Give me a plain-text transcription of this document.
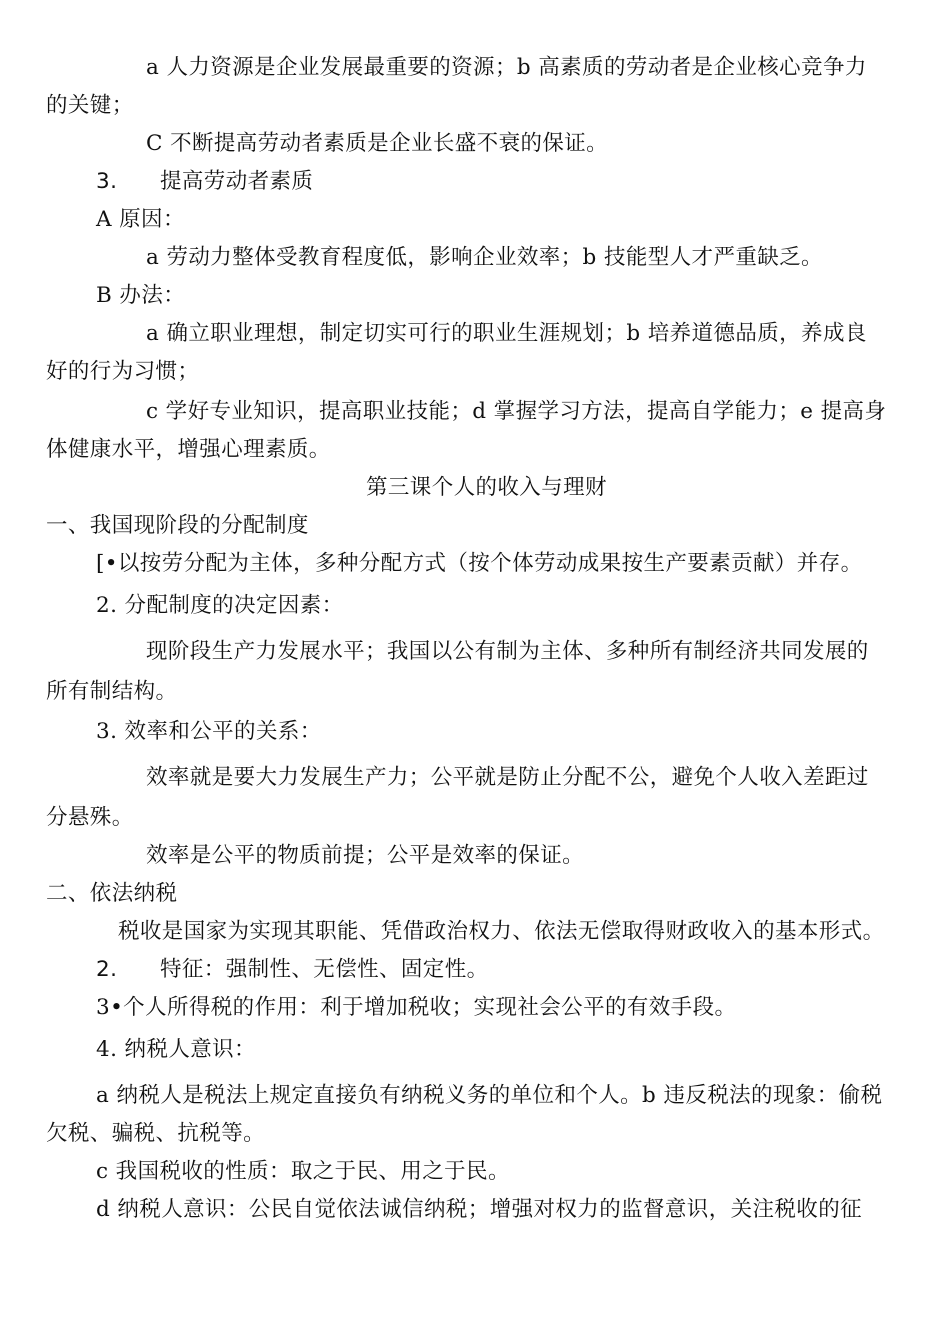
a 人力资源是企业发展最重要的资源；b 高素质的劳动者是企业核心竞争力
的关键；
C 不断提高劳动者素质是企业长盛不衰的保证。
3. 提高劳动者素质
A 原因：
a 劳动力整体受教育程度低，影响企业效率；b 技能型人才严重缺乏。
B 办法：
a 确立职业理想，制定切实可行的职业生涯规划；b 培养道德品质，养成良
好的行为习惯；
c 学好专业知识，提高职业技能；d 掌握学习方法，提高自学能力；e 提高身
体健康水平，增强心理素质。
第三课个人的收入与理财
一、我国现阶段的分配制度
[•以按劳分配为主体，多种分配方式（按个体劳动成果按生产要素贡献）并存。
2. 分配制度的决定因素：
现阶段生产力发展水平；我国以公有制为主体、多种所有制经济共同发展的
所有制结构。
3. 效率和公平的关系：
效率就是要大力发展生产力；公平就是防止分配不公，避免个人收入差距过
分悬殊。
效率是公平的物质前提；公平是效率的保证。
二、依法纳税
税收是国家为实现其职能、凭借政治权力、依法无偿取得财政收入的基本形式。
2. 特征：强制性、无偿性、固定性。
3•个人所得税的作用：利于增加税收；实现社会公平的有效手段。
4. 纳税人意识：
a 纳税人是税法上规定直接负有纳税义务的单位和个人。b 违反税法的现象：偷税
欠税、骗税、抗税等。
c 我国税收的性质：取之于民、用之于民。
d 纳税人意识：公民自觉依法诚信纳税；增强对权力的监督意识，关注税收的征
